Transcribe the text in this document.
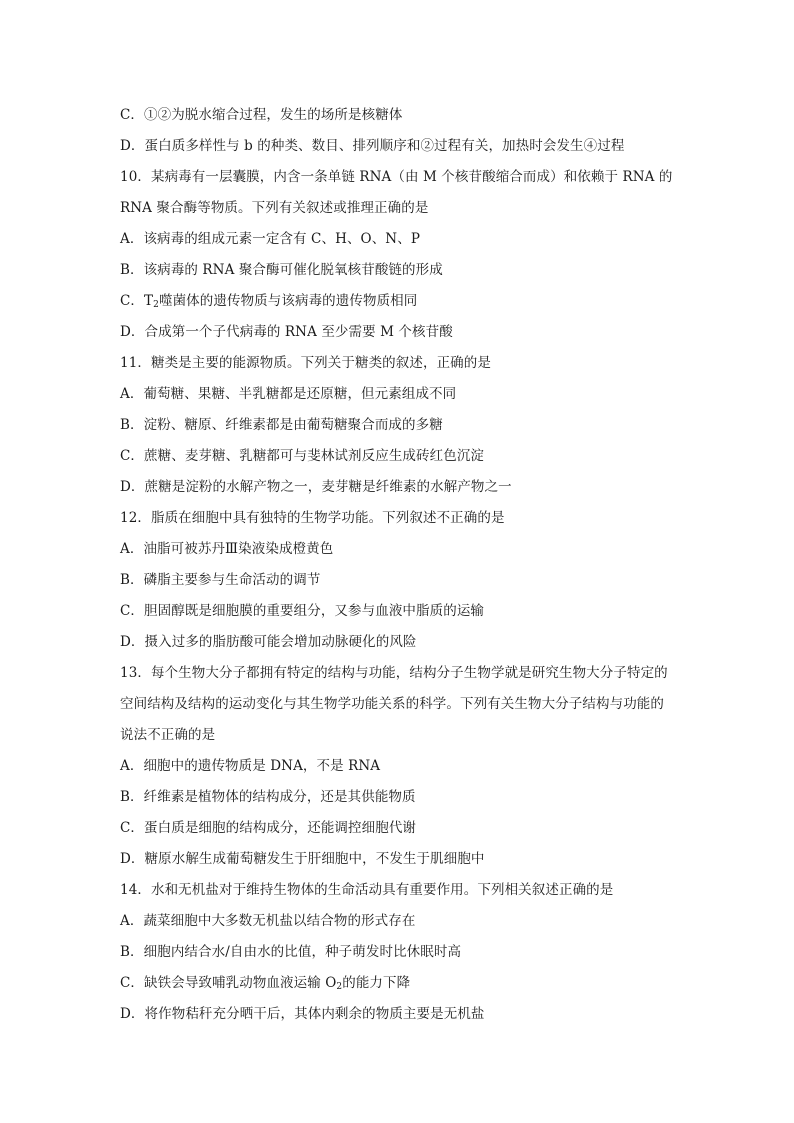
C．①②为脱水缩合过程，发生的场所是核糖体
D．蛋白质多样性与 b 的种类、数目、排列顺序和②过程有关，加热时会发生④过程
10．某病毒有一层囊膜，内含一条单链 RNA（由 M 个核苷酸缩合而成）和依赖于 RNA 的
RNA 聚合酶等物质。下列有关叙述或推理正确的是
A．该病毒的组成元素一定含有 C、H、O、N、P
B．该病毒的 RNA 聚合酶可催化脱氧核苷酸链的形成
C．$T_2$噬菌体的遗传物质与该病毒的遗传物质相同
D．合成第一个子代病毒的 RNA 至少需要 M 个核苷酸
11．糖类是主要的能源物质。下列关于糖类的叙述，正确的是
A．葡萄糖、果糖、半乳糖都是还原糖，但元素组成不同
B．淀粉、糖原、纤维素都是由葡萄糖聚合而成的多糖
C．蔗糖、麦芽糖、乳糖都可与斐林试剂反应生成砖红色沉淀
D．蔗糖是淀粉的水解产物之一，麦芽糖是纤维素的水解产物之一
12．脂质在细胞中具有独特的生物学功能。下列叙述不正确的是
A．油脂可被苏丹Ⅲ染液染成橙黄色
B．磷脂主要参与生命活动的调节
C．胆固醇既是细胞膜的重要组分，又参与血液中脂质的运输
D．摄入过多的脂肪酸可能会增加动脉硬化的风险
13．每个生物大分子都拥有特定的结构与功能，结构分子生物学就是研究生物大分子特定的
空间结构及结构的运动变化与其生物学功能关系的科学。下列有关生物大分子结构与功能的
说法不正确的是
A．细胞中的遗传物质是 DNA，不是 RNA
B．纤维素是植物体的结构成分，还是其供能物质
C．蛋白质是细胞的结构成分，还能调控细胞代谢
D．糖原水解生成葡萄糖发生于肝细胞中，不发生于肌细胞中
14．水和无机盐对于维持生物体的生命活动具有重要作用。下列相关叙述正确的是
A．蔬菜细胞中大多数无机盐以结合物的形式存在
B．细胞内结合水/自由水的比值，种子萌发时比休眠时高
C．缺铁会导致哺乳动物血液运输 $O_2$的能力下降
D．将作物秸秆充分晒干后，其体内剩余的物质主要是无机盐
